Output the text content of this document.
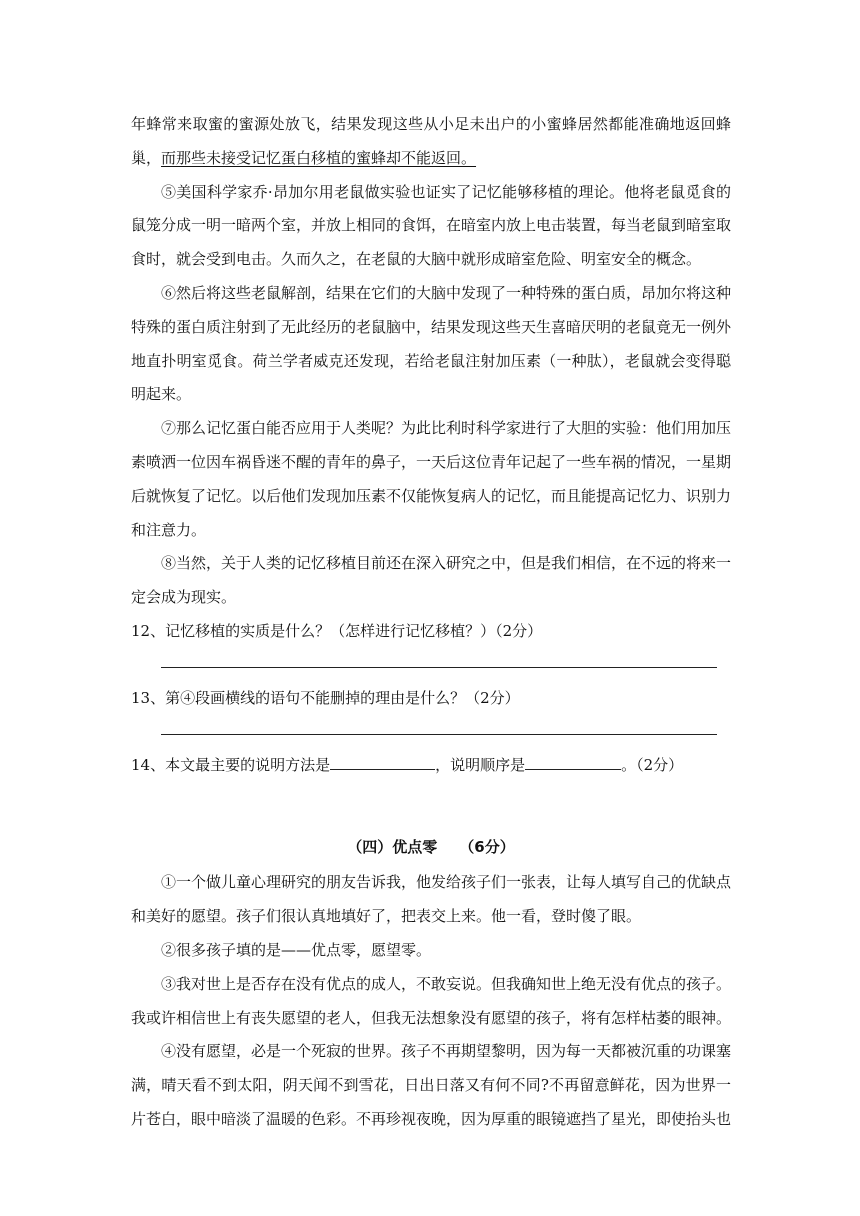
年蜂常来取蜜的蜜源处放飞，结果发现这些从小足未出户的小蜜蜂居然都能准确地返回蜂巢，而那些未接受记忆蛋白移植的蜜蜂却不能返回。

⑤美国科学家乔·昂加尔用老鼠做实验也证实了记忆能够移植的理论。他将老鼠觅食的鼠笼分成一明一暗两个室，并放上相同的食饵，在暗室内放上电击装置，每当老鼠到暗室取食时，就会受到电击。久而久之，在老鼠的大脑中就形成暗室危险、明室安全的概念。

⑥然后将这些老鼠解剖，结果在它们的大脑中发现了一种特殊的蛋白质，昂加尔将这种特殊的蛋白质注射到了无此经历的老鼠脑中，结果发现这些天生喜暗厌明的老鼠竟无一例外地直扑明室觅食。荷兰学者威克还发现，若给老鼠注射加压素（一种肽），老鼠就会变得聪明起来。

⑦那么记忆蛋白能否应用于人类呢？为此比利时科学家进行了大胆的实验：他们用加压素喷洒一位因车祸昏迷不醒的青年的鼻子，一天后这位青年记起了一些车祸的情况，一星期后就恢复了记忆。以后他们发现加压素不仅能恢复病人的记忆，而且能提高记忆力、识别力和注意力。

⑧当然，关于人类的记忆移植目前还在深入研究之中，但是我们相信，在不远的将来一定会成为现实。

12、记忆移植的实质是什么？（怎样进行记忆移植？）（2分）

13、第④段画横线的语句不能删掉的理由是什么？（2分）

14、本文最主要的说明方法是	，说明顺序是	。（2分）

（四）优点零 （6分）

①一个做儿童心理研究的朋友告诉我，他发给孩子们一张表，让每人填写自己的优缺点和美好的愿望。孩子们很认真地填好了，把表交上来。他一看，登时傻了眼。

②很多孩子填的是——优点零，愿望零。

③我对世上是否存在没有优点的成人，不敢妄说。但我确知世上绝无没有优点的孩子。我或许相信世上有丧失愿望的老人，但我无法想象没有愿望的孩子，将有怎样枯萎的眼神。

④没有愿望，必是一个死寂的世界。孩子不再期望黎明，因为每一天都被沉重的功课塞满，晴天看不到太阳，阴天闻不到雪花，日出日落又有何不同?不再留意鲜花，因为世界一片苍白，眼中暗淡了温暖的色彩。不再珍视夜晚，因为厚重的眼镜遮挡了星光，即使抬头也
